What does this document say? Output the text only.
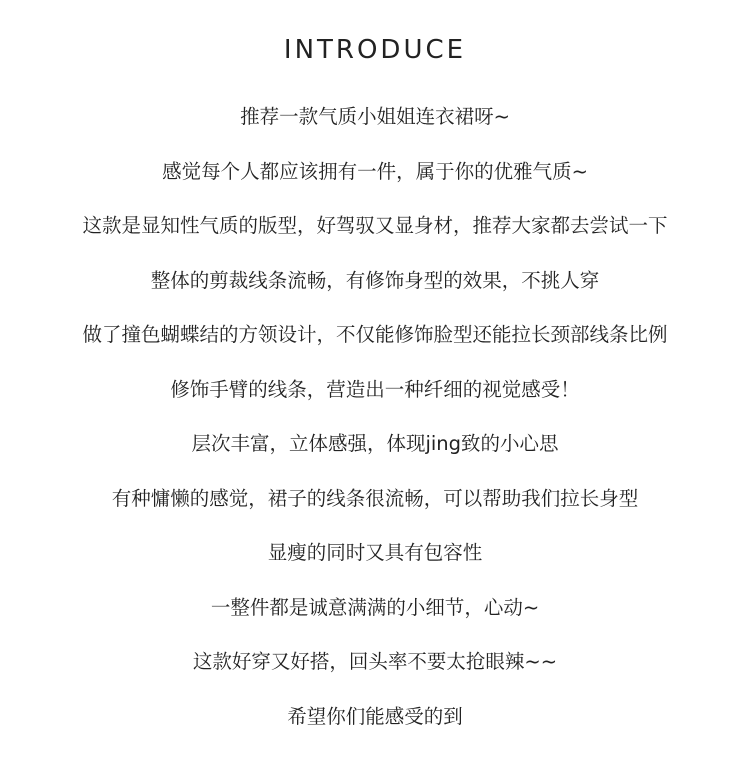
INTRODUCE
推荐一款气质小姐姐连衣裙呀~
感觉每个人都应该拥有一件，属于你的优雅气质~
这款是显知性气质的版型，好驾驭又显身材，推荐大家都去尝试一下
整体的剪裁线条流畅，有修饰身型的效果，不挑人穿
做了撞色蝴蝶结的方领设计，不仅能修饰脸型还能拉长颈部线条比例
修饰手臂的线条，营造出一种纤细的视觉感受！
层次丰富，立体感强，体现jing致的小心思
有种慵懒的感觉，裙子的线条很流畅，可以帮助我们拉长身型
显瘦的同时又具有包容性
一整件都是诚意满满的小细节，心动~
这款好穿又好搭，回头率不要太抢眼辣~~
希望你们能感受的到
